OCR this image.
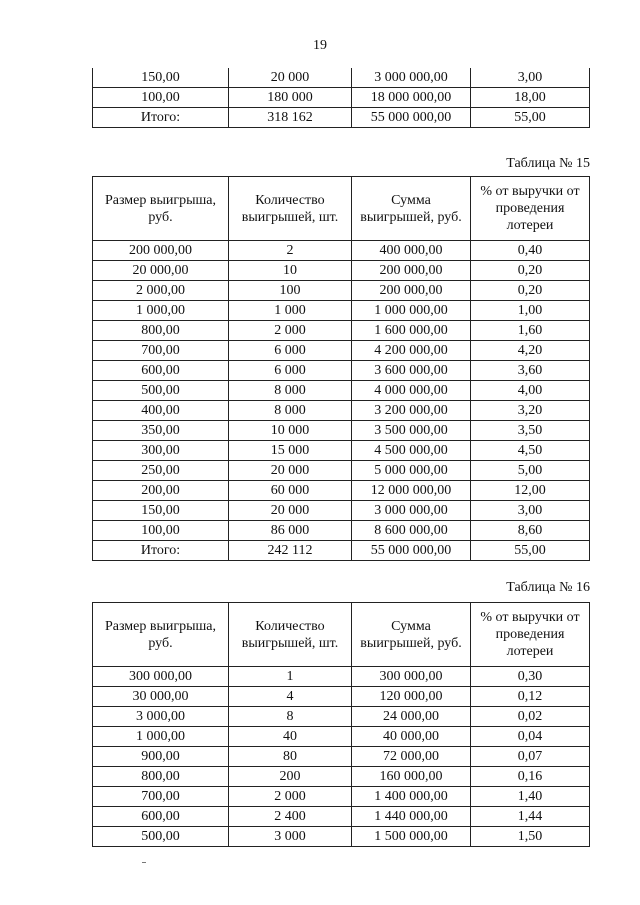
19
150,00	20 000	3 000 000,00	3,00
100,00	180 000	18 000 000,00	18,00
Итого:	318 162	55 000 000,00	55,00
Таблица № 15
Размер выигрыша, руб.	Количество выигрышей, шт.	Сумма выигрышей, руб.	% от выручки от проведения лотереи
200 000,00	2	400 000,00	0,40
20 000,00	10	200 000,00	0,20
2 000,00	100	200 000,00	0,20
1 000,00	1 000	1 000 000,00	1,00
800,00	2 000	1 600 000,00	1,60
700,00	6 000	4 200 000,00	4,20
600,00	6 000	3 600 000,00	3,60
500,00	8 000	4 000 000,00	4,00
400,00	8 000	3 200 000,00	3,20
350,00	10 000	3 500 000,00	3,50
300,00	15 000	4 500 000,00	4,50
250,00	20 000	5 000 000,00	5,00
200,00	60 000	12 000 000,00	12,00
150,00	20 000	3 000 000,00	3,00
100,00	86 000	8 600 000,00	8,60
Итого:	242 112	55 000 000,00	55,00
Таблица № 16
Размер выигрыша, руб.	Количество выигрышей, шт.	Сумма выигрышей, руб.	% от выручки от проведения лотереи
300 000,00	1	300 000,00	0,30
30 000,00	4	120 000,00	0,12
3 000,00	8	24 000,00	0,02
1 000,00	40	40 000,00	0,04
900,00	80	72 000,00	0,07
800,00	200	160 000,00	0,16
700,00	2 000	1 400 000,00	1,40
600,00	2 400	1 440 000,00	1,44
500,00	3 000	1 500 000,00	1,50
